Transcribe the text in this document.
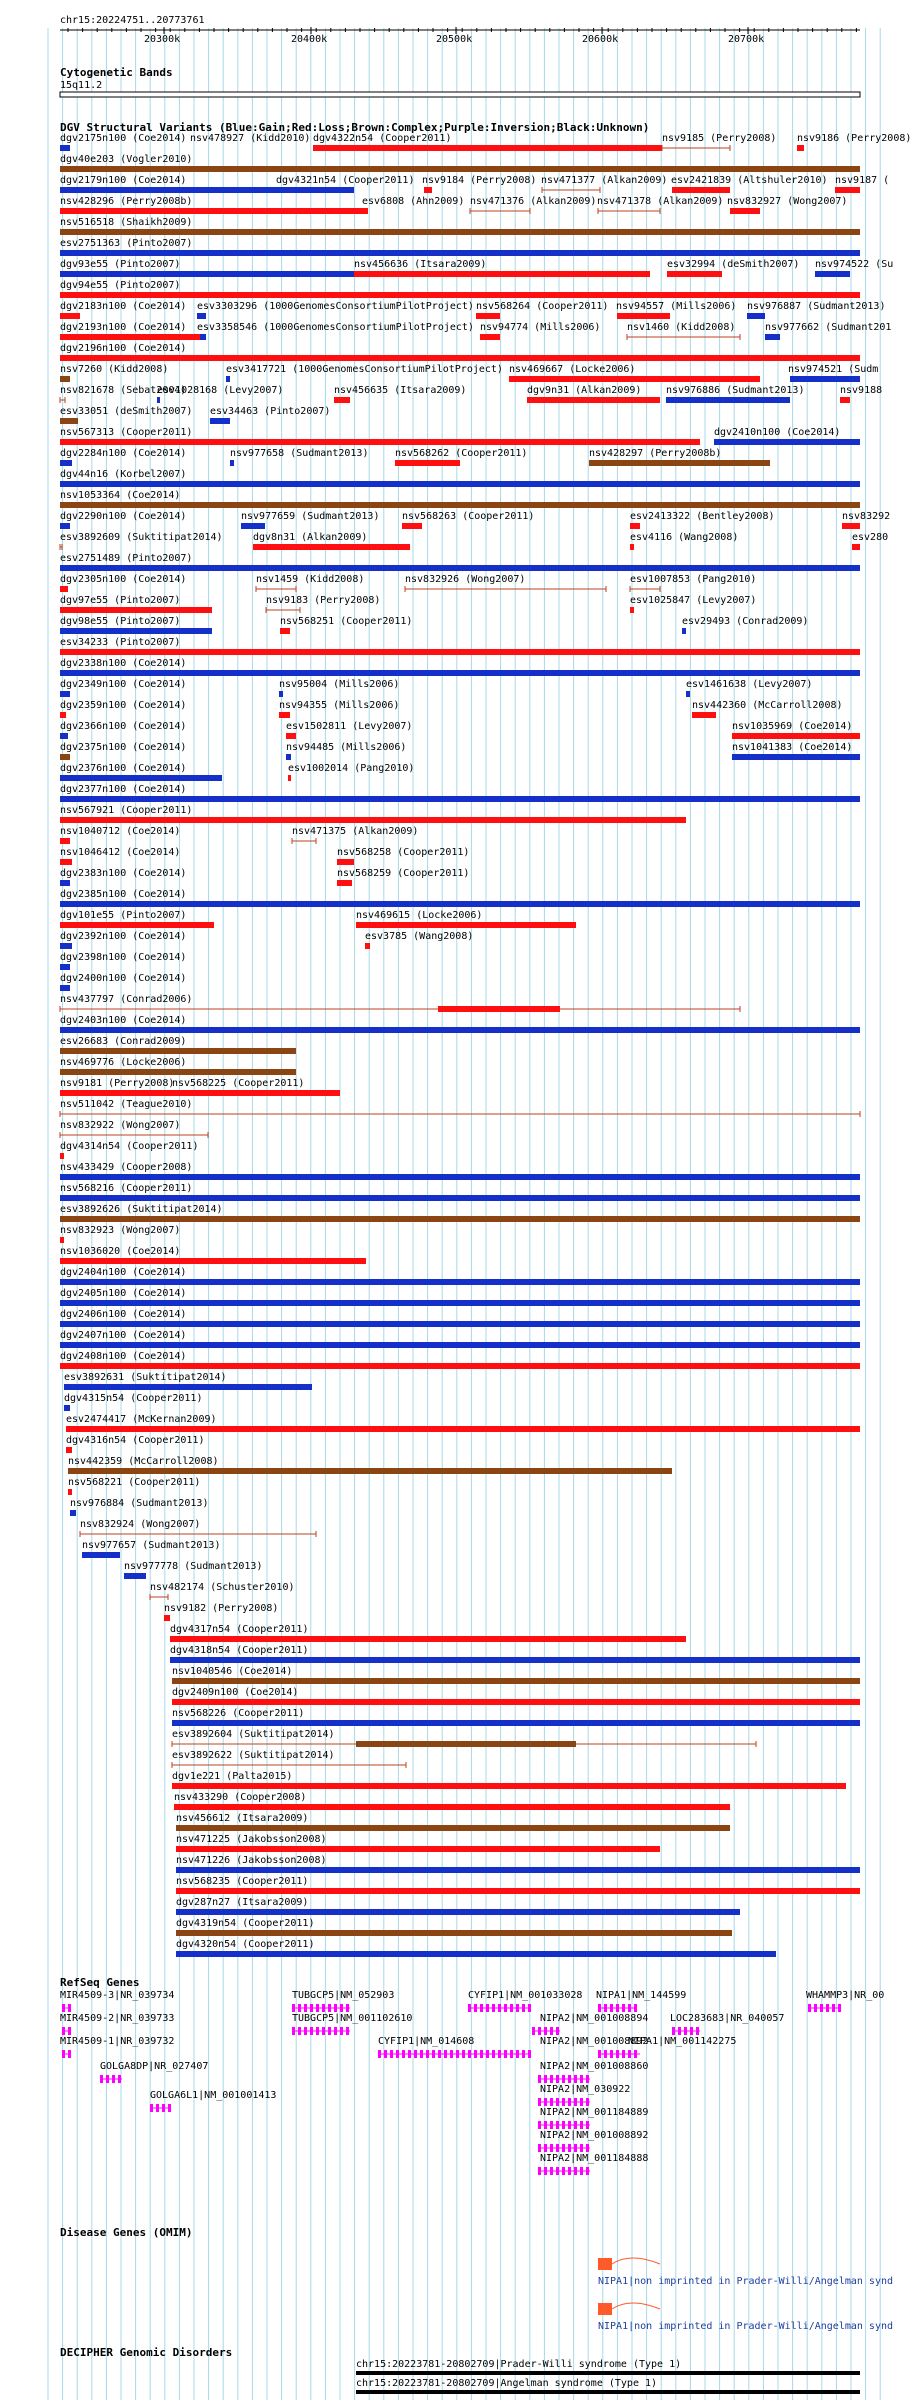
chr15:20224751..20773761
20300k	20400k	20500k	20600k	20700k
Cytogenetic Bands
15q11.2
DGV Structural Variants (Blue:Gain;Red:Loss;Brown:Complex;Purple:Inversion;Black:Unknown)
dgv2175n100 (Coe2014) nsv478927 (Kidd2010) dgv4322n54 (Cooper2011)	nsv9185 (Perry2008) nsv9186 (Perry2008)
dgv40e203 (Vogler2010)
dgv2179n100 (Coe2014)	dgv4321n54 (Cooper2011) nsv9184 (Perry2008) nsv471377 (Alkan2009) esv2421839 (Altshuler2010) nsv9187 (
nsv428296 (Perry2008b)	esv6808 (Ahn2009) nsv471376 (Alkan2009) nsv471378 (Alkan2009) nsv832927 (Wong2007)
nsv516518 (Shaikh2009)
esv2751363 (Pinto2007)
dgv93e55 (Pinto2007)	nsv456636 (Itsara2009)	esv32994 (deSmith2007) nsv974522 (Su
dgv94e55 (Pinto2007)
dgv2183n100 (Coe2014) esv3303296 (1000GenomesConsortiumPilotProject) nsv568264 (Cooper2011) nsv94557 (Mills2006) nsv976887 (Sudmant2013)
dgv2193n100 (Coe2014) esv3358546 (1000GenomesConsortiumPilotProject) nsv94774 (Mills2006)	nsv1460 (Kidd2008)	nsv977662 (Sudmant201
dgv2196n100 (Coe2014)
nsv7260 (Kidd2008)	esv3417721 (1000GenomesConsortiumPilotProject) nsv469667 (Locke2006)	nsv974521 (Sudm
nsv821678 (Sebat2004)
esv1028168 (Levy2007)	nsv456635 (Itsara2009)	dgv9n31 (Alkan2009) nsv976886 (Sudmant2013)	nsv9188
esv33051 (deSmith2007) esv34463 (Pinto2007)
nsv567313 (Cooper2011)	dgv2410n100 (Coe2014)
dgv2284n100 (Coe2014)	nsv977658 (Sudmant2013)	nsv568262 (Cooper2011)	nsv428297 (Perry2008b)
dgv44n16 (Korbel2007)
nsv1053364 (Coe2014)
dgv2290n100 (Coe2014)	nsv977659 (Sudmant2013) nsv568263 (Cooper2011)	esv2413322 (Bentley2008)	nsv83292
esv3892609 (Suktitipat2014)	dgv8n31 (Alkan2009)	esv4116 (Wang2008)	esv280
esv2751489 (Pinto2007)
dgv2305n100 (Coe2014)	nsv1459 (Kidd2008)	nsv832926 (Wong2007)	esv1007853 (Pang2010)
dgv97e55 (Pinto2007)	nsv9183 (Perry2008)	esv1025847 (Levy2007)
dgv98e55 (Pinto2007)	nsv568251 (Cooper2011)	esv29493 (Conrad2009)
esv34233 (Pinto2007)
dgv2338n100 (Coe2014)
dgv2349n100 (Coe2014)	nsv95004 (Mills2006)	esv1461638 (Levy2007)
dgv2359n100 (Coe2014)	nsv94355 (Mills2006)	nsv442360 (McCarroll2008)
dgv2366n100 (Coe2014)	esv1502811 (Levy2007)	nsv1035969 (Coe2014)
dgv2375n100 (Coe2014)	nsv94485 (Mills2006)	nsv1041383 (Coe2014)
dgv2376n100 (Coe2014)	esv1002014 (Pang2010)
dgv2377n100 (Coe2014)
nsv567921 (Cooper2011)
nsv1040712 (Coe2014)	nsv471375 (Alkan2009)
nsv1046412 (Coe2014)	nsv568258 (Cooper2011)
dgv2383n100 (Coe2014)	nsv568259 (Cooper2011)
dgv2385n100 (Coe2014)
dgv101e55 (Pinto2007)	nsv469615 (Locke2006)
dgv2392n100 (Coe2014)	esv3785 (Wang2008)
dgv2398n100 (Coe2014)
dgv2400n100 (Coe2014)
nsv437797 (Conrad2006)
dgv2403n100 (Coe2014)
esv26683 (Conrad2009)
nsv469776 (Locke2006)
nsv9181 (Perry2008)
nsv568225 (Cooper2011)
nsv511042 (Teague2010)
nsv832922 (Wong2007)
dgv4314n54 (Cooper2011)
nsv433429 (Cooper2008)
nsv568216 (Cooper2011)
esv3892626 (Suktitipat2014)
nsv832923 (Wong2007)
nsv1036020 (Coe2014)
dgv2404n100 (Coe2014)
dgv2405n100 (Coe2014)
dgv2406n100 (Coe2014)
dgv2407n100 (Coe2014)
dgv2408n100 (Coe2014)
esv3892631 (Suktitipat2014)
dgv4315n54 (Cooper2011)
esv2474417 (McKernan2009)
dgv4316n54 (Cooper2011)
nsv442359 (McCarroll2008)
nsv568221 (Cooper2011)
nsv976884 (Sudmant2013)
nsv832924 (Wong2007)
nsv977657 (Sudmant2013)
nsv977778 (Sudmant2013)
nsv482174 (Schuster2010)
nsv9182 (Perry2008)
dgv4317n54 (Cooper2011)
dgv4318n54 (Cooper2011)
nsv1040546 (Coe2014)
dgv2409n100 (Coe2014)
nsv568226 (Cooper2011)
esv3892604 (Suktitipat2014)
esv3892622 (Suktitipat2014)
dgv1e221 (Palta2015)
nsv433290 (Cooper2008)
nsv456612 (Itsara2009)
nsv471225 (Jakobsson2008)
nsv471226 (Jakobsson2008)
nsv568235 (Cooper2011)
dgv287n27 (Itsara2009)
dgv4319n54 (Cooper2011)
dgv4320n54 (Cooper2011)
RefSeq Genes
MIR4509-3|NR_039734	TUBGCP5|NM_052903	CYFIP1|NM_001033028 NIPA1|NM_144599	WHAMMP3|NR_00
MIR4509-2|NR_039733	TUBGCP5|NM_001102610	NIPA2|NM_001008894 LOC283683|NR_040057
MIR4509-1|NR_039732	CYFIP1|NM_014608	NIPA2|NM_001008892
NIPA1|NM_001142275
GOLGA8DP|NR_027407	NIPA2|NM_001008860
NIPA2|NM_030922
GOLGA6L1|NM_001001413
NIPA2|NM_001184889
NIPA2|NM_001008892
NIPA2|NM_001184888
Disease Genes (OMIM)
NIPA1|non imprinted in Prader-Willi/Angelman synd
NIPA1|non imprinted in Prader-Willi/Angelman synd
DECIPHER Genomic Disorders
chr15:20223781-20802709|Prader-Willi syndrome (Type 1)
chr15:20223781-20802709|Angelman syndrome (Type 1)
